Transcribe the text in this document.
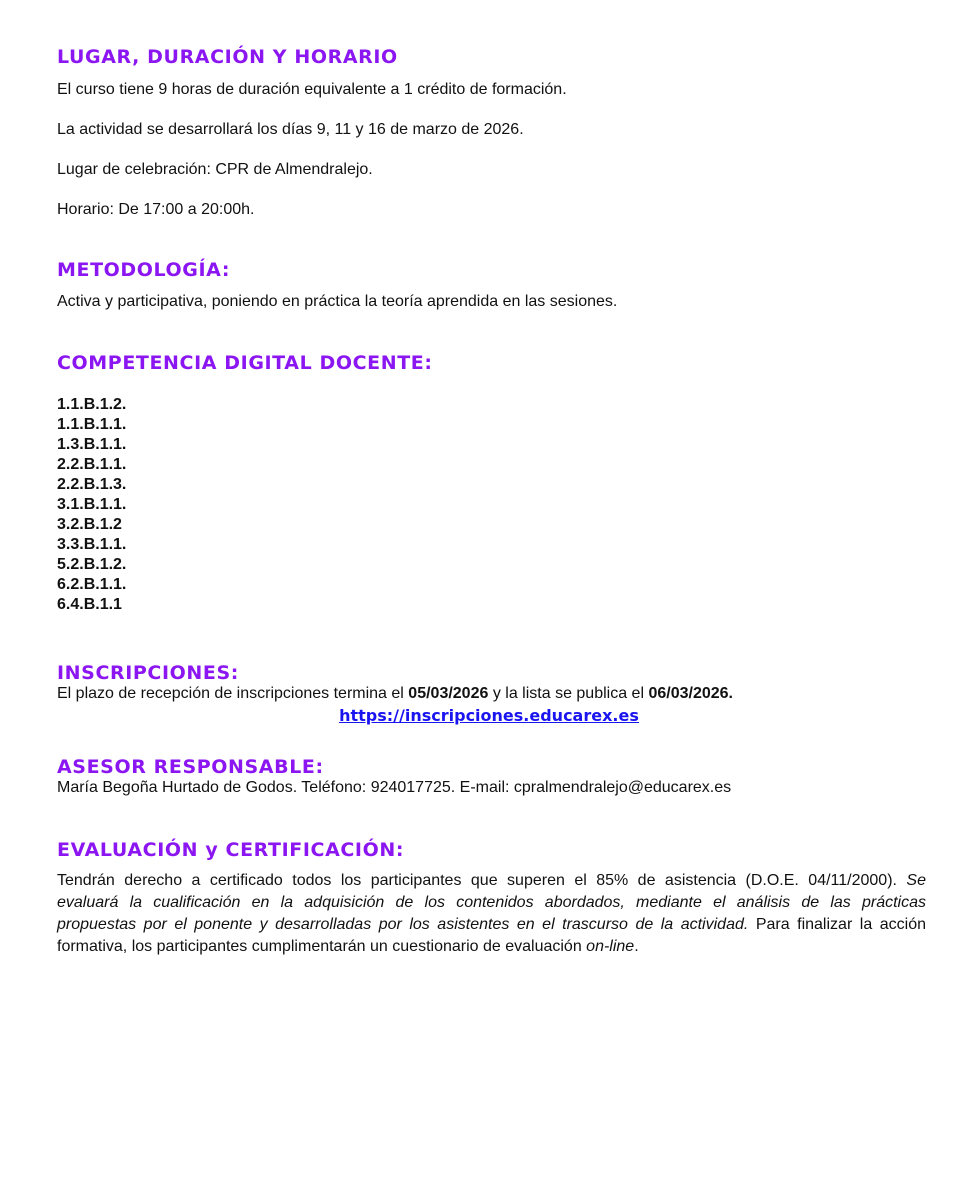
LUGAR, DURACIÓN Y HORARIO

El curso tiene 9 horas de duración equivalente a 1 crédito de formación.

La actividad se desarrollará los días 9, 11 y 16 de marzo de 2026.

Lugar de celebración: CPR de Almendralejo.

Horario: De 17:00 a 20:00h.

METODOLOGÍA:

Activa y participativa, poniendo en práctica la teoría aprendida en las sesiones.

COMPETENCIA DIGITAL DOCENTE:
1.1.B.1.2.
1.1.B.1.1.
1.3.B.1.1.
2.2.B.1.1.
2.2.B.1.3.
3.1.B.1.1.
3.2.B.1.2
3.3.B.1.1.
5.2.B.1.2.
6.2.B.1.1.
6.4.B.1.1
INSCRIPCIONES:

El plazo de recepción de inscripciones termina el 05/03/2026 y la lista se publica el 06/03/2026.

https://inscripciones.educarex.es
ASESOR RESPONSABLE:

María Begoña Hurtado de Godos. Teléfono: 924017725. E-mail: cpralmendralejo@educarex.es

EVALUACIÓN y CERTIFICACIÓN:
Tendrán derecho a certificado todos los participantes que superen el 85% de asistencia (D.O.E. 04/11/2000). Se
evaluará la cualificación en la adquisición de los contenidos abordados, mediante el análisis de las prácticas
propuestas por el ponente y desarrolladas por los asistentes en el trascurso de la actividad. Para finalizar la acción
formativa, los participantes cumplimentarán un cuestionario de evaluación on-line.
